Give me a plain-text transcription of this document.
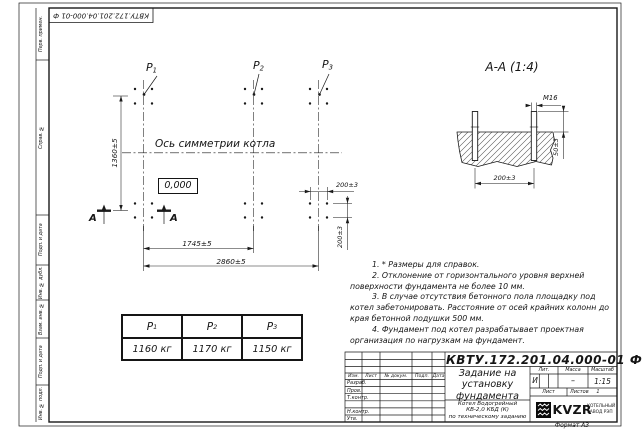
КВТУ.172.201.04.000-01 Ф
Перв. примен.
Справ. №
Подп. и дата
Инв. № дубл.
Взам. инв. №
Подп. и дата
Инв. № подл.
Формат А3
$P_1$	$P_2$	$P_3$
Ось симметрии котла
0,000
А	А
1360±5
1745±5
2860±5
200±3
200±3
А-А (1:4)
М16
50±3
200±3

1. * Размеры для справок.

2. Отклонение от горизонтального уровня верхней поверхности фундамента не более 10 мм.

3. В случае отсутствия бетонного пола площадку под котел забетонировать. Расстояние от осей крайних колонн до края бетонной подушки 500 мм.

4. Фундамент под котел разрабатывает проектная организация по нагрузкам на фундамент.

P 1	P 2	P 3
1160 кг	1170 кг	1150 кг
КВТУ.172.201.04.000-01 Ф
Задание на
установку
фундамента
Котел Водогрейный
КВ-2,0 КБД (К)
по техническому заданию
Изм.	Лист	№ докум.	Подп. Дата
Разраб.
Пров.
Т.контр.
Н.контр.
Утв.
Лит.	Масса	Масштаб
И	–	1:15
Лист	Листов	1
KVZR
КОТЕЛЬНЫЙ
ЗАВОД РЭП
